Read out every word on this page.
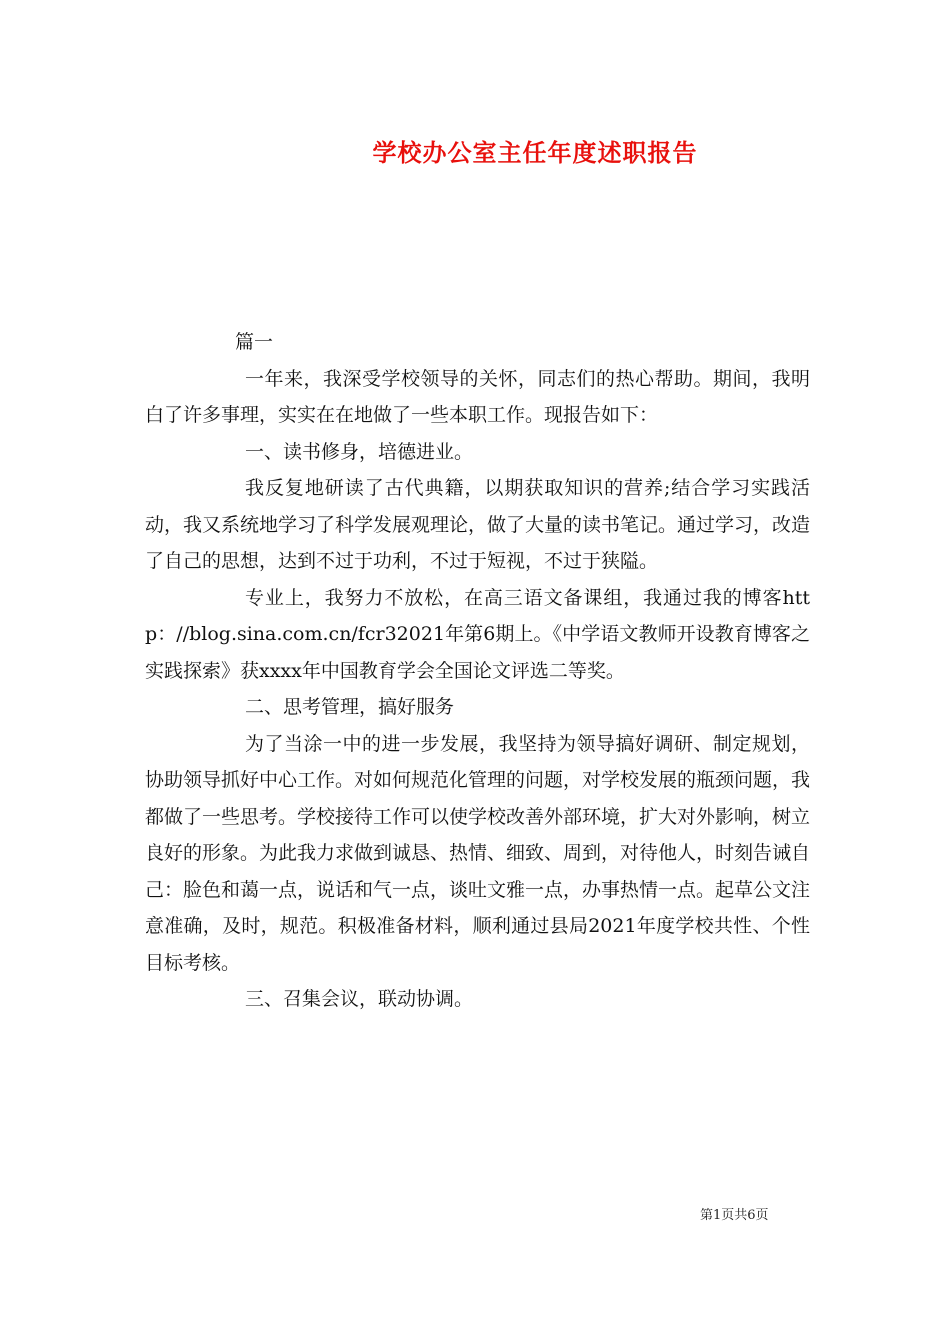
学校办公室主任年度述职报告

篇一

一年来，我深受学校领导的关怀，同志们的热心帮助。期间，我明白了许多事理，实实在在地做了一些本职工作。现报告如下：

一、读书修身，培德进业。

我反复地研读了古代典籍，以期获取知识的营养;结合学习实践活动，我又系统地学习了科学发展观理论，做了大量的读书笔记。通过学习，改造了自己的思想，达到不过于功利，不过于短视，不过于狭隘。

专业上，我努力不放松，在高三语文备课组，我通过我的博客http：//blog.sina.com.cn/fcr32021年第6期上。《中学语文教师开设教育博客之实践探索》获xxxx年中国教育学会全国论文评选二等奖。

二、思考管理，搞好服务

为了当涂一中的进一步发展，我坚持为领导搞好调研、制定规划，协助领导抓好中心工作。对如何规范化管理的问题，对学校发展的瓶颈问题，我都做了一些思考。学校接待工作可以使学校改善外部环境，扩大对外影响，树立良好的形象。为此我力求做到诚恳、热情、细致、周到，对待他人，时刻告诫自己：脸色和蔼一点，说话和气一点，谈吐文雅一点，办事热情一点。起草公文注意准确，及时，规范。积极准备材料，顺利通过县局2021年度学校共性、个性目标考核。

三、召集会议，联动协调。

第1页共6页
